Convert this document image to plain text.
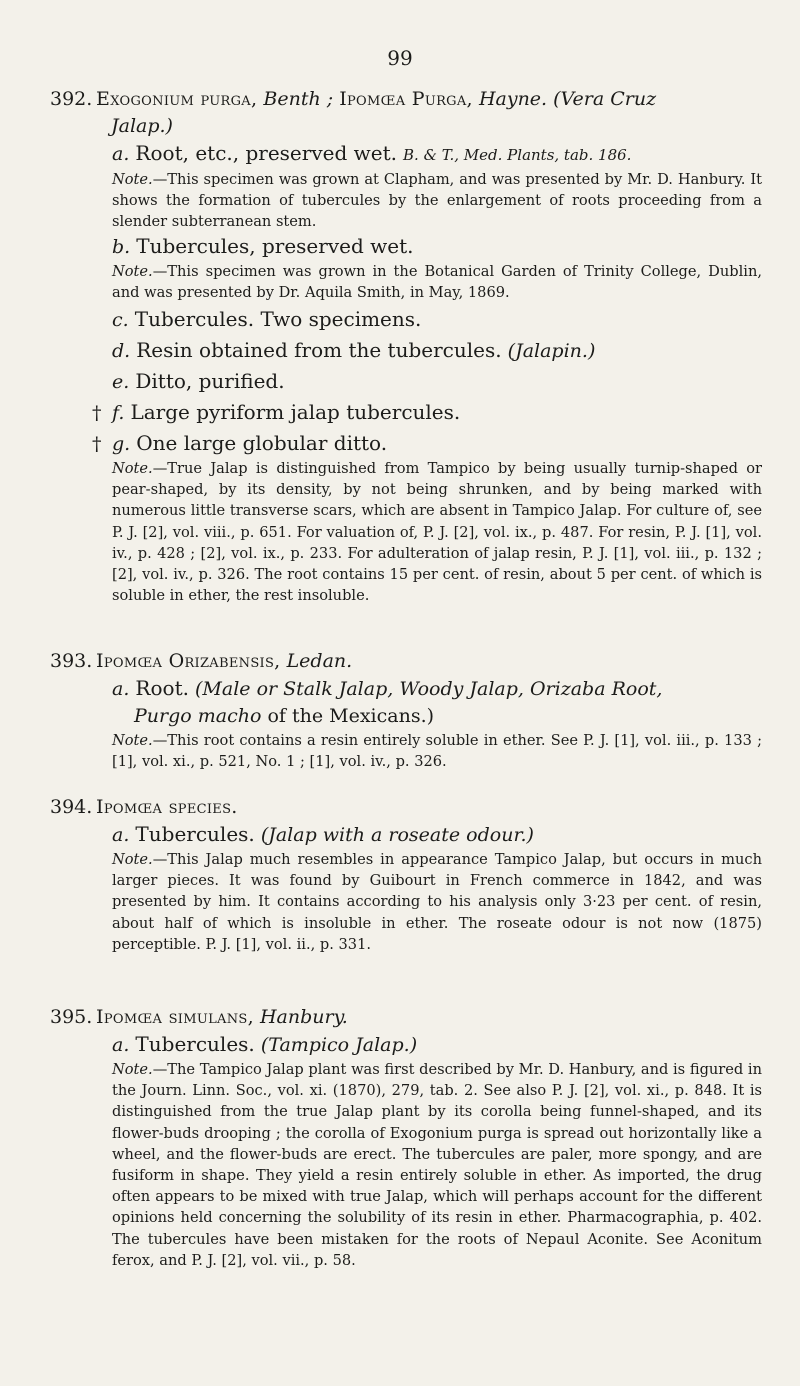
99
392. Exogonium purga, Benth ; Ipomœa Purga, Hayne. (Vera Cruz
Jalap.)
a. Root, etc., preserved wet. B. & T., Med. Plants, tab. 186.
Note.—This specimen was grown at Clapham, and was presented by Mr. D. Hanbury. It shows the formation of tubercules by the enlargement of roots proceeding from a slender subterranean stem.
b. Tubercules, preserved wet.
Note.—This specimen was grown in the Botanical Garden of Trinity College, Dublin, and was presented by Dr. Aquila Smith, in May, 1869.
c. Tubercules. Two specimens.
d. Resin obtained from the tubercules. (Jalapin.)
e. Ditto, purified.
† f. Large pyriform jalap tubercules.
† g. One large globular ditto.
Note.—True Jalap is distinguished from Tampico by being usually turnip-shaped or pear-shaped, by its density, by not being shrunken, and by being marked with numerous little transverse scars, which are absent in Tampico Jalap. For culture of, see P. J. [2], vol. viii., p. 651. For valuation of, P. J. [2], vol. ix., p. 487. For resin, P. J. [1], vol. iv., p. 428 ; [2], vol. ix., p. 233. For adulteration of jalap resin, P. J. [1], vol. iii., p. 132 ; [2], vol. iv., p. 326. The root contains 15 per cent. of resin, about 5 per cent. of which is soluble in ether, the rest insoluble.
393. Ipomœa Orizabensis, Ledan.
a. Root. (Male or Stalk Jalap, Woody Jalap, Orizaba Root,
Purgo macho of the Mexicans.)
Note.—This root contains a resin entirely soluble in ether. See P. J. [1], vol. iii., p. 133 ; [1], vol. xi., p. 521, No. 1 ; [1], vol. iv., p. 326.
394. Ipomœa species.
a. Tubercules. (Jalap with a roseate odour.)
Note.—This Jalap much resembles in appearance Tampico Jalap, but occurs in much larger pieces. It was found by Guibourt in French commerce in 1842, and was presented by him. It contains according to his analysis only 3·23 per cent. of resin, about half of which is insoluble in ether. The roseate odour is not now (1875) perceptible. P. J. [1], vol. ii., p. 331.
395. Ipomœa simulans, Hanbury.
a. Tubercules. (Tampico Jalap.)
Note.—The Tampico Jalap plant was first described by Mr. D. Hanbury, and is figured in the Journ. Linn. Soc., vol. xi. (1870), 279, tab. 2. See also P. J. [2], vol. xi., p. 848. It is distinguished from the true Jalap plant by its corolla being funnel-shaped, and its flower-buds drooping ; the corolla of Exogonium purga is spread out horizontally like a wheel, and the flower-buds are erect. The tubercules are paler, more spongy, and are fusiform in shape. They yield a resin entirely soluble in ether. As imported, the drug often appears to be mixed with true Jalap, which will perhaps account for the different opinions held concerning the solubility of its resin in ether. Pharmacographia, p. 402. The tubercules have been mistaken for the roots of Nepaul Aconite. See Aconitum ferox, and P. J. [2], vol. vii., p. 58.
